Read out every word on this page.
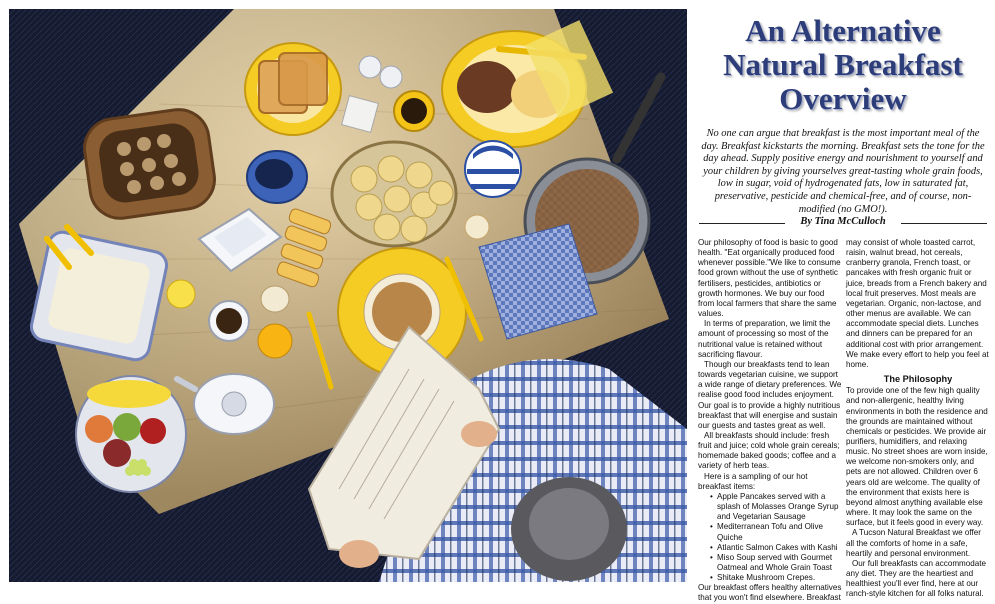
An Alternative
Natural Breakfast
Overview

No one can argue that breakfast is the most important meal of the day. Breakfast kickstarts the morning. Breakfast sets the tone for the day ahead. Supply positive energy and nourishment to yourself and your children by giving yourselves great-tasting whole grain foods, low in sugar, void of hydrogenated fats, low in saturated fat, preservative, pesticide and chemical-free, and of course, non-modified (no GMO!).

By Tina McCulloch

Our philosophy of food is basic to good health. "Eat organically produced food whenever possible."We like to consume food grown without the use of synthetic fertilisers, pesticides, antibiotics or growth hormones. We buy our food from local farmers that share the same values.

In terms of preparation, we limit the amount of processing so most of the nutritional value is retained without sacrificing flavour.

Though our breakfasts tend to lean towards vegetarian cuisine, we support a wide range of dietary preferences. We realise good food includes enjoyment. Our goal is to provide a highly nutritious breakfast that will energise and sustain our guests and tastes great as well.

All breakfasts should include: fresh fruit and juice; cold whole grain cereals; homemade baked goods; coffee and a variety of herb teas.

Here is a sampling of our hot breakfast items:

• Apple Pancakes served with a splash of Molasses Orange Syrup and Vegetarian Sausage
• Mediterranean Tofu and Olive Quiche
• Atlantic Salmon Cakes with Kashi
• Miso Soup served with Gourmet Oatmeal and Whole Grain Toast
• Shitake Mushroom Crepes.

Our breakfast offers healthy alternatives that you won't find elsewhere. Breakfast

may consist of whole toasted carrot, raisin, walnut bread, hot cereals, cranberry granola, French toast, or pancakes with fresh organic fruit or juice, breads from a French bakery and local fruit preserves. Most meals are vegetarian. Organic, non-lactose, and other menus are available. We can accommodate special diets. Lunches and dinners can be prepared for an additional cost with prior arrangement. We make every effort to help you feel at home.

The Philosophy

To provide one of the few high quality and non-allergenic, healthy living environments in both the residence and the grounds are maintained without chemicals or pesticides. We provide air purifiers, humidifiers, and relaxing music. No street shoes are worn inside, we welcome non-smokers only, and pets are not allowed. Children over 6 years old are welcome. The quality of the environment that exists here is beyond almost anything available else where. It may look the same on the surface, but it feels good in every way.

A Tucson Natural Breakfast we offer all the comforts of home in a safe, heartily and personal environment.

Our full breakfasts can accommodate any diet. They are the heartiest and healthiest you'll ever find, here at our ranch-style kitchen for all folks natural.
